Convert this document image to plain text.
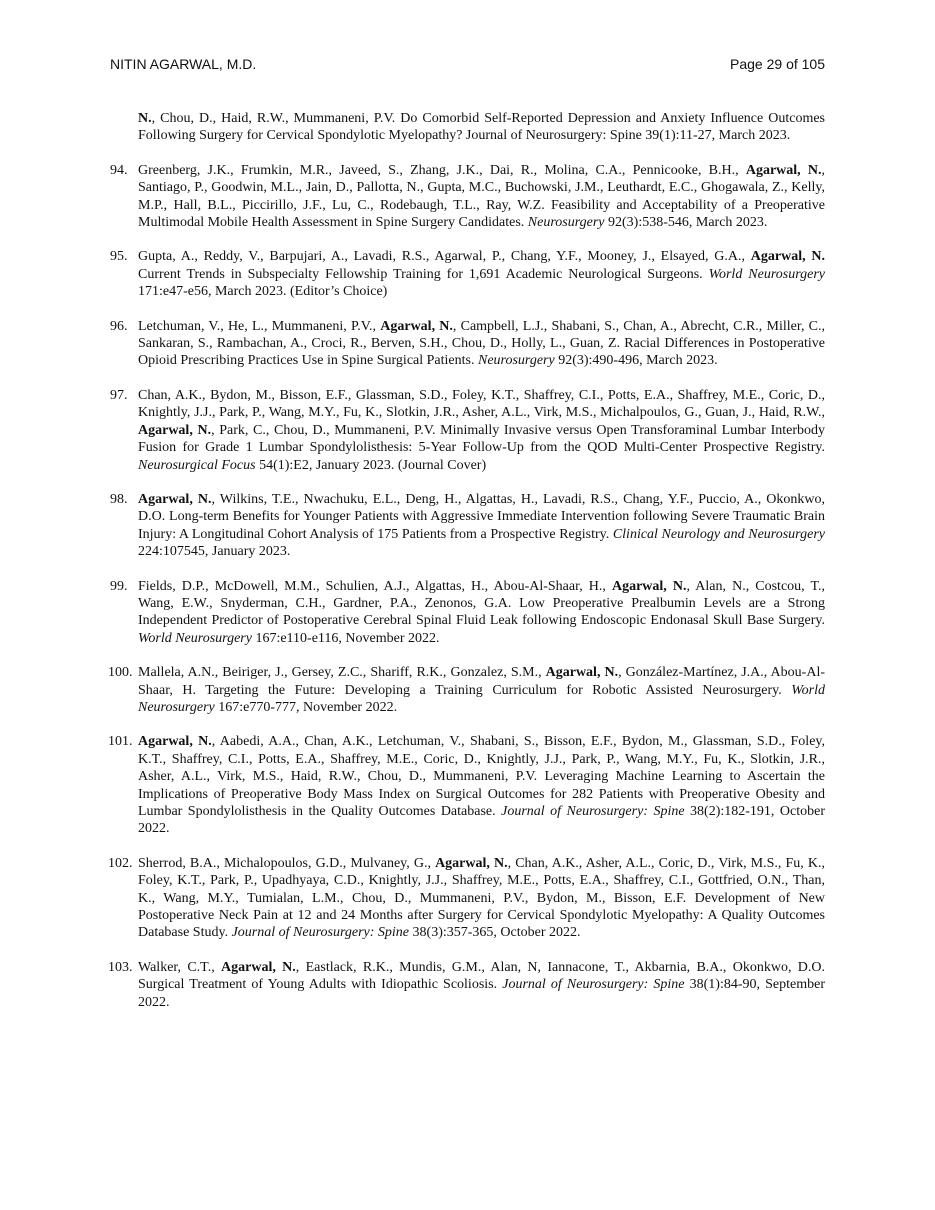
NITIN AGARWAL, M.D.	Page 29 of 105
N., Chou, D., Haid, R.W., Mummaneni, P.V. Do Comorbid Self-Reported Depression and Anxiety Influence Outcomes Following Surgery for Cervical Spondylotic Myelopathy? Journal of Neurosurgery: Spine 39(1):11-27, March 2023.
94. Greenberg, J.K., Frumkin, M.R., Javeed, S., Zhang, J.K., Dai, R., Molina, C.A., Pennicooke, B.H., Agarwal, N., Santiago, P., Goodwin, M.L., Jain, D., Pallotta, N., Gupta, M.C., Buchowski, J.M., Leuthardt, E.C., Ghogawala, Z., Kelly, M.P., Hall, B.L., Piccirillo, J.F., Lu, C., Rodebaugh, T.L., Ray, W.Z. Feasibility and Acceptability of a Preoperative Multimodal Mobile Health Assessment in Spine Surgery Candidates. Neurosurgery 92(3):538-546, March 2023.
95. Gupta, A., Reddy, V., Barpujari, A., Lavadi, R.S., Agarwal, P., Chang, Y.F., Mooney, J., Elsayed, G.A., Agarwal, N. Current Trends in Subspecialty Fellowship Training for 1,691 Academic Neurological Surgeons. World Neurosurgery 171:e47-e56, March 2023. (Editor’s Choice)
96. Letchuman, V., He, L., Mummaneni, P.V., Agarwal, N., Campbell, L.J., Shabani, S., Chan, A., Abrecht, C.R., Miller, C., Sankaran, S., Rambachan, A., Croci, R., Berven, S.H., Chou, D., Holly, L., Guan, Z. Racial Differences in Postoperative Opioid Prescribing Practices Use in Spine Surgical Patients. Neurosurgery 92(3):490-496, March 2023.
97. Chan, A.K., Bydon, M., Bisson, E.F., Glassman, S.D., Foley, K.T., Shaffrey, C.I., Potts, E.A., Shaffrey, M.E., Coric, D., Knightly, J.J., Park, P., Wang, M.Y., Fu, K., Slotkin, J.R., Asher, A.L., Virk, M.S., Michalpoulos, G., Guan, J., Haid, R.W., Agarwal, N., Park, C., Chou, D., Mummaneni, P.V. Minimally Invasive versus Open Transforaminal Lumbar Interbody Fusion for Grade 1 Lumbar Spondylolisthesis: 5-Year Follow-Up from the QOD Multi-Center Prospective Registry. Neurosurgical Focus 54(1):E2, January 2023. (Journal Cover)
98. Agarwal, N., Wilkins, T.E., Nwachuku, E.L., Deng, H., Algattas, H., Lavadi, R.S., Chang, Y.F., Puccio, A., Okonkwo, D.O. Long-term Benefits for Younger Patients with Aggressive Immediate Intervention following Severe Traumatic Brain Injury: A Longitudinal Cohort Analysis of 175 Patients from a Prospective Registry. Clinical Neurology and Neurosurgery 224:107545, January 2023.
99. Fields, D.P., McDowell, M.M., Schulien, A.J., Algattas, H., Abou-Al-Shaar, H., Agarwal, N., Alan, N., Costcou, T., Wang, E.W., Snyderman, C.H., Gardner, P.A., Zenonos, G.A. Low Preoperative Prealbumin Levels are a Strong Independent Predictor of Postoperative Cerebral Spinal Fluid Leak following Endoscopic Endonasal Skull Base Surgery. World Neurosurgery 167:e110-e116, November 2022.
100. Mallela, A.N., Beiriger, J., Gersey, Z.C., Shariff, R.K., Gonzalez, S.M., Agarwal, N., González-Martínez, J.A., Abou-Al-Shaar, H. Targeting the Future: Developing a Training Curriculum for Robotic Assisted Neurosurgery. World Neurosurgery 167:e770-777, November 2022.
101. Agarwal, N., Aabedi, A.A., Chan, A.K., Letchuman, V., Shabani, S., Bisson, E.F., Bydon, M., Glassman, S.D., Foley, K.T., Shaffrey, C.I., Potts, E.A., Shaffrey, M.E., Coric, D., Knightly, J.J., Park, P., Wang, M.Y., Fu, K., Slotkin, J.R., Asher, A.L., Virk, M.S., Haid, R.W., Chou, D., Mummaneni, P.V. Leveraging Machine Learning to Ascertain the Implications of Preoperative Body Mass Index on Surgical Outcomes for 282 Patients with Preoperative Obesity and Lumbar Spondylolisthesis in the Quality Outcomes Database. Journal of Neurosurgery: Spine 38(2):182-191, October 2022.
102. Sherrod, B.A., Michalopoulos, G.D., Mulvaney, G., Agarwal, N., Chan, A.K., Asher, A.L., Coric, D., Virk, M.S., Fu, K., Foley, K.T., Park, P., Upadhyaya, C.D., Knightly, J.J., Shaffrey, M.E., Potts, E.A., Shaffrey, C.I., Gottfried, O.N., Than, K., Wang, M.Y., Tumialan, L.M., Chou, D., Mummaneni, P.V., Bydon, M., Bisson, E.F. Development of New Postoperative Neck Pain at 12 and 24 Months after Surgery for Cervical Spondylotic Myelopathy: A Quality Outcomes Database Study. Journal of Neurosurgery: Spine 38(3):357-365, October 2022.
103. Walker, C.T., Agarwal, N., Eastlack, R.K., Mundis, G.M., Alan, N, Iannacone, T., Akbarnia, B.A., Okonkwo, D.O. Surgical Treatment of Young Adults with Idiopathic Scoliosis. Journal of Neurosurgery: Spine 38(1):84-90, September 2022.
